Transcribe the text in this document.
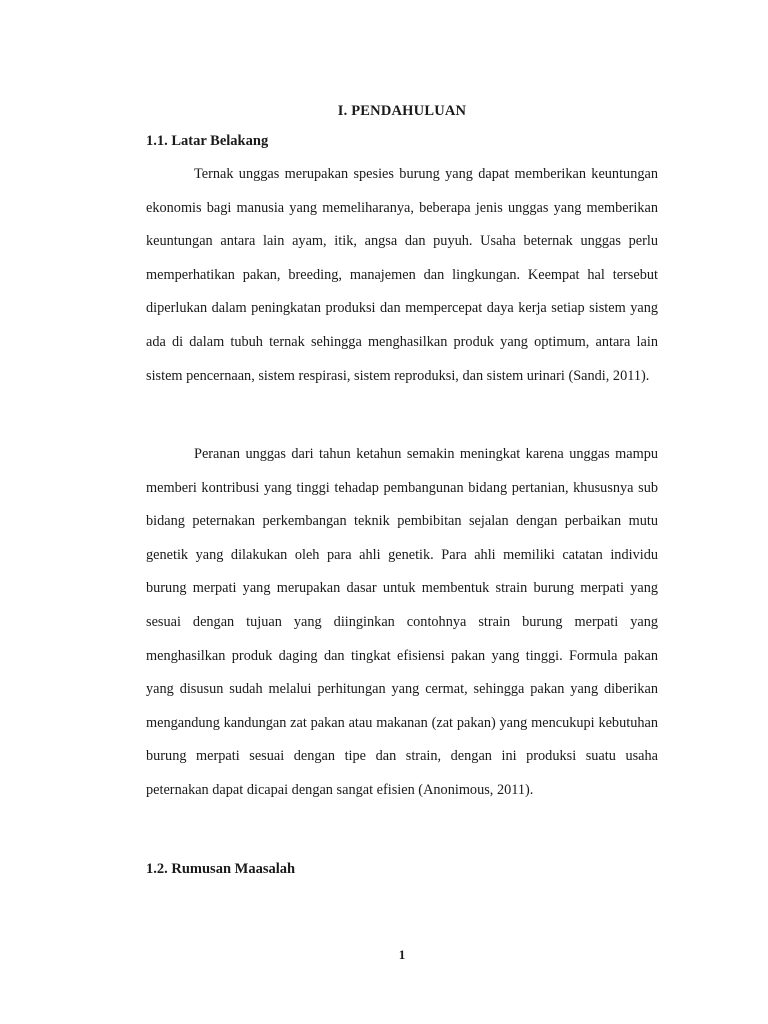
I. PENDAHULUAN
1.1. Latar Belakang

Ternak unggas merupakan spesies burung yang dapat memberikan keuntungan ekonomis bagi manusia yang memeliharanya, beberapa jenis unggas yang memberikan keuntungan antara lain ayam, itik, angsa dan puyuh. Usaha beternak unggas perlu memperhatikan pakan, breeding, manajemen dan lingkungan. Keempat hal tersebut diperlukan dalam peningkatan produksi dan mempercepat daya kerja setiap sistem yang ada di dalam tubuh ternak sehingga menghasilkan produk yang optimum, antara lain sistem pencernaan, sistem respirasi, sistem reproduksi, dan sistem urinari (Sandi, 2011).

Peranan unggas dari tahun ketahun semakin meningkat karena unggas mampu memberi kontribusi yang tinggi tehadap pembangunan bidang pertanian, khususnya sub bidang peternakan perkembangan teknik pembibitan sejalan dengan perbaikan mutu genetik yang dilakukan oleh para ahli genetik. Para ahli memiliki catatan individu burung merpati yang merupakan dasar untuk membentuk strain burung merpati yang sesuai dengan tujuan yang diinginkan contohnya strain burung merpati yang menghasilkan produk daging dan tingkat efisiensi pakan yang tinggi. Formula pakan yang disusun sudah melalui perhitungan yang cermat, sehingga pakan yang diberikan mengandung kandungan zat pakan atau makanan (zat pakan) yang mencukupi kebutuhan burung merpati sesuai dengan tipe dan strain, dengan ini produksi suatu usaha peternakan dapat dicapai dengan sangat efisien (Anonimous, 2011).

1.2. Rumusan Maasalah
1
